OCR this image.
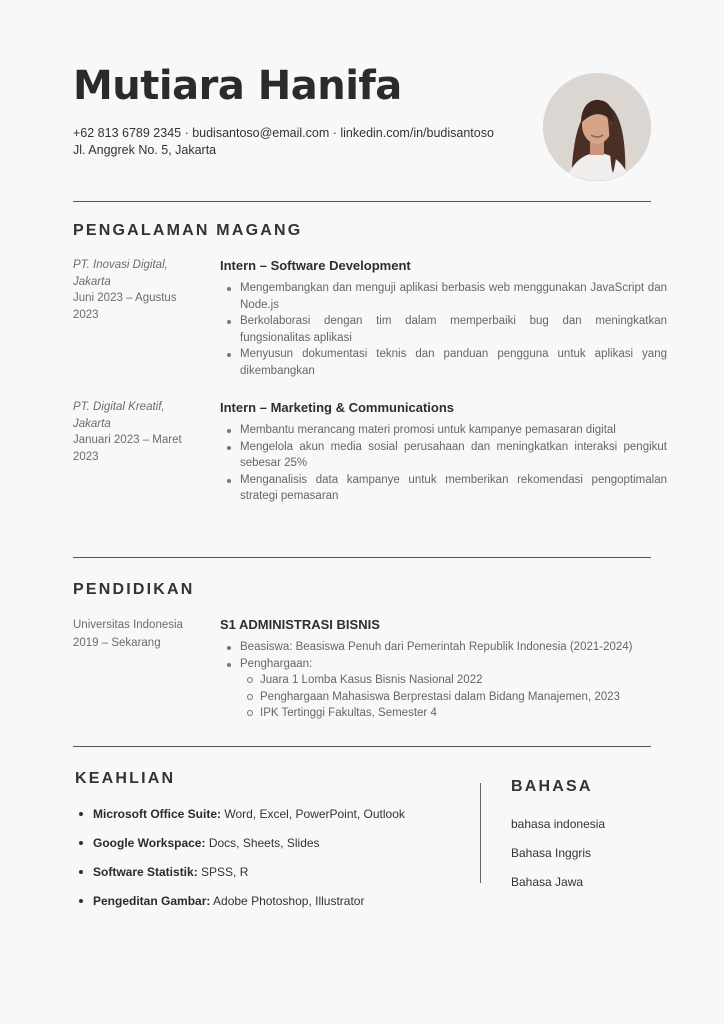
Mutiara Hanifa
+62 813 6789 2345 · budisantoso@email.com · linkedin.com/in/budisantoso
Jl. Anggrek No. 5, Jakarta
PENGALAMAN MAGANG
PT. Inovasi Digital,
Jakarta
Juni 2023 – Agustus
2023

Intern – Software Development

Mengembangkan dan menguji aplikasi berbasis web menggunakan JavaScript dan Node.js
Berkolaborasi dengan tim dalam memperbaiki bug dan meningkatkan fungsionalitas aplikasi
Menyusun dokumentasi teknis dan panduan pengguna untuk aplikasi yang dikembangkan
PT. Digital Kreatif,
Jakarta
Januari 2023 – Maret
2023

Intern – Marketing & Communications

Membantu merancang materi promosi untuk kampanye pemasaran digital
Mengelola akun media sosial perusahaan dan meningkatkan interaksi pengikut sebesar 25%
Menganalisis data kampanye untuk memberikan rekomendasi pengoptimalan strategi pemasaran
PENDIDIKAN
Universitas Indonesia
2019 – Sekarang

S1 ADMINISTRASI BISNIS

Beasiswa: Beasiswa Penuh dari Pemerintah Republik Indonesia (2021-2024)
Penghargaan:
Juara 1 Lomba Kasus Bisnis Nasional 2022
Penghargaan Mahasiswa Berprestasi dalam Bidang Manajemen, 2023
IPK Tertinggi Fakultas, Semester 4
KEAHLIAN
Microsoft Office Suite: Word, Excel, PowerPoint, Outlook
Google Workspace: Docs, Sheets, Slides
Software Statistik: SPSS, R
Pengeditan Gambar: Adobe Photoshop, Illustrator
BAHASA
bahasa indonesia
Bahasa Inggris
Bahasa Jawa
